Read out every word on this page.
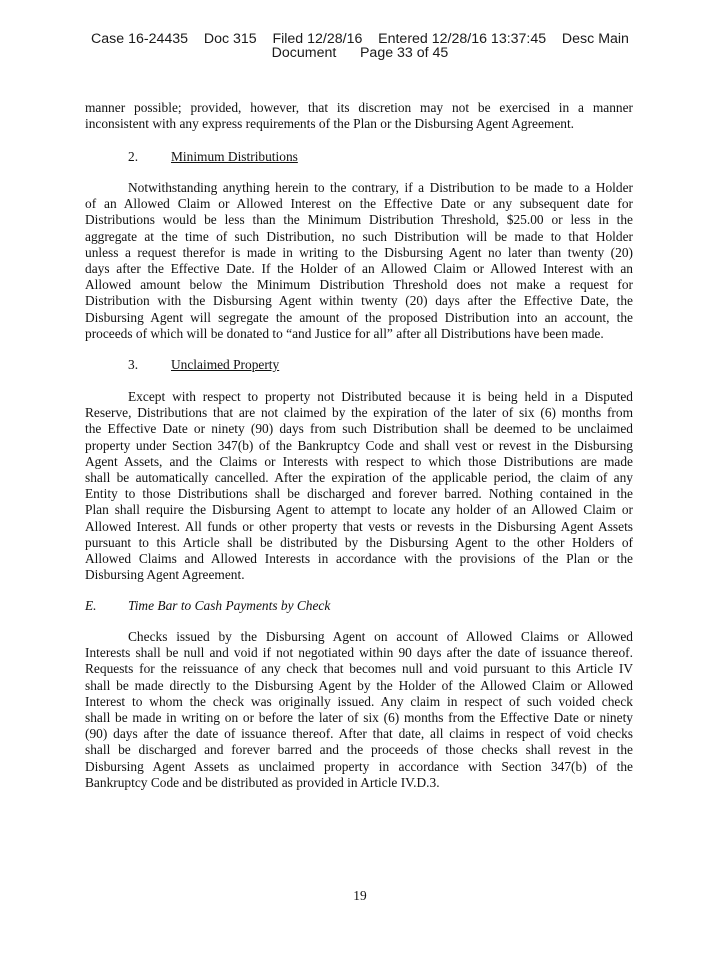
Case 16-24435    Doc 315    Filed 12/28/16    Entered 12/28/16 13:37:45    Desc Main
Document      Page 33 of 45
manner possible; provided, however, that its discretion may not be exercised in a manner
inconsistent with any express requirements of the Plan or the Disbursing Agent Agreement.
2. Minimum Distributions
Notwithstanding anything herein to the contrary, if a Distribution to be made to a Holder
of an Allowed Claim or Allowed Interest on the Effective Date or any subsequent date for
Distributions would be less than the Minimum Distribution Threshold, $25.00 or less in the
aggregate at the time of such Distribution, no such Distribution will be made to that Holder
unless a request therefor is made in writing to the Disbursing Agent no later than twenty (20)
days after the Effective Date. If the Holder of an Allowed Claim or Allowed Interest with an
Allowed amount below the Minimum Distribution Threshold does not make a request for
Distribution with the Disbursing Agent within twenty (20) days after the Effective Date, the
Disbursing Agent will segregate the amount of the proposed Distribution into an account, the
proceeds of which will be donated to “and Justice for all” after all Distributions have been made.
3. Unclaimed Property
Except with respect to property not Distributed because it is being held in a Disputed
Reserve, Distributions that are not claimed by the expiration of the later of six (6) months from
the Effective Date or ninety (90) days from such Distribution shall be deemed to be unclaimed
property under Section 347(b) of the Bankruptcy Code and shall vest or revest in the Disbursing
Agent Assets, and the Claims or Interests with respect to which those Distributions are made
shall be automatically cancelled. After the expiration of the applicable period, the claim of any
Entity to those Distributions shall be discharged and forever barred. Nothing contained in the
Plan shall require the Disbursing Agent to attempt to locate any holder of an Allowed Claim or
Allowed Interest. All funds or other property that vests or revests in the Disbursing Agent Assets
pursuant to this Article shall be distributed by the Disbursing Agent to the other Holders of
Allowed Claims and Allowed Interests in accordance with the provisions of the Plan or the
Disbursing Agent Agreement.
E. Time Bar to Cash Payments by Check
Checks issued by the Disbursing Agent on account of Allowed Claims or Allowed
Interests shall be null and void if not negotiated within 90 days after the date of issuance thereof.
Requests for the reissuance of any check that becomes null and void pursuant to this Article IV
shall be made directly to the Disbursing Agent by the Holder of the Allowed Claim or Allowed
Interest to whom the check was originally issued. Any claim in respect of such voided check
shall be made in writing on or before the later of six (6) months from the Effective Date or ninety
(90) days after the date of issuance thereof. After that date, all claims in respect of void checks
shall be discharged and forever barred and the proceeds of those checks shall revest in the
Disbursing Agent Assets as unclaimed property in accordance with Section 347(b) of the
Bankruptcy Code and be distributed as provided in Article IV.D.3.
19
